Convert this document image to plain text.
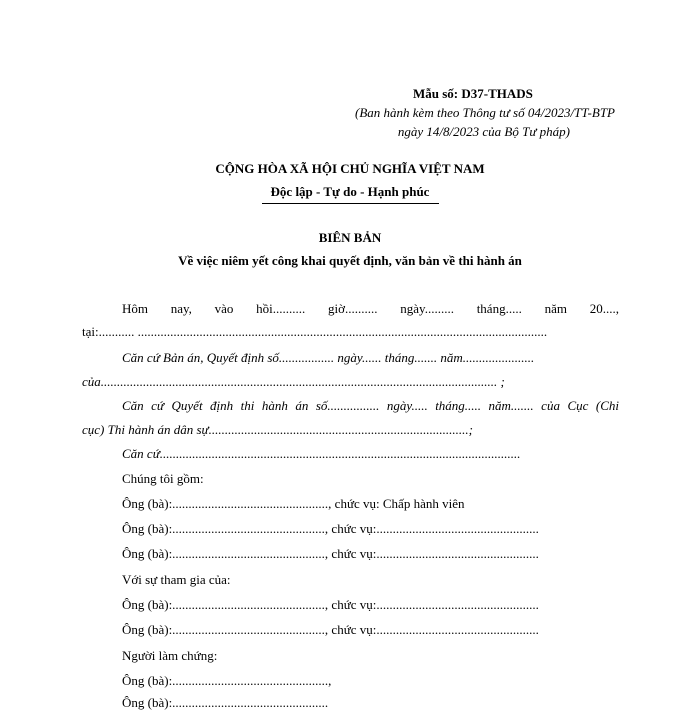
Mẫu số: D37-THADS
(Ban hành kèm theo Thông tư số 04/2023/TT-BTP
ngày 14/8/2023 của Bộ Tư pháp)
CỘNG HÒA XÃ HỘI CHỦ NGHĨA VIỆT NAM
Độc lập - Tự do - Hạnh phúc
BIÊN BẢN
Về việc niêm yết công khai quyết định, văn bản về thi hành án
Hôm nay, vào hồi.......... giờ.......... ngày......... tháng..... năm 20....,
tại:........... ..............................................................................................................................
Căn cứ Bản án, Quyết định số................. ngày...... tháng....... năm......................
của.......................................................................................................................... ;
Căn cứ Quyết định thi hành án số................ ngày..... tháng..... năm....... của Cục (Chi
cục) Thi hành án dân sự................................................................................;
Căn cứ...............................................................................................................
Chúng tôi gồm:
Ông (bà):................................................, chức vụ: Chấp hành viên
Ông (bà):..............................................., chức vụ:..................................................
Ông (bà):..............................................., chức vụ:..................................................
Với sự tham gia của:
Ông (bà):..............................................., chức vụ:..................................................
Ông (bà):..............................................., chức vụ:..................................................
Người làm chứng:
Ông (bà):................................................,
Ông (bà):................................................
